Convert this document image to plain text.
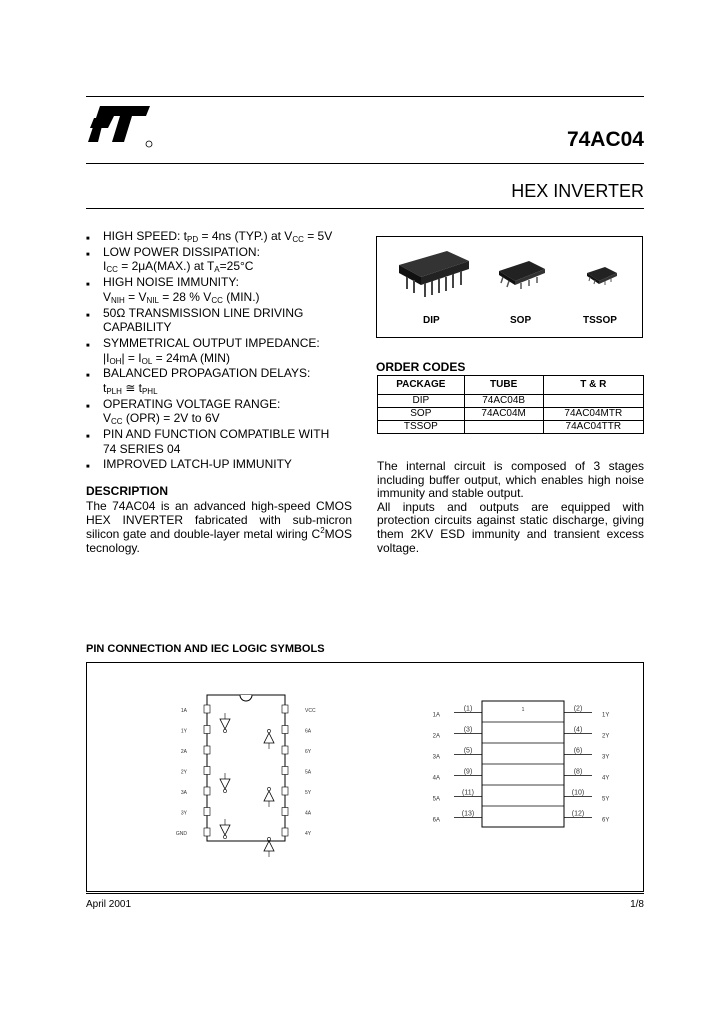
74AC04
HEX INVERTER
■ HIGH SPEED: $t_{PD} = 4ns$ (TYP.) at $V_{CC} = 5V$
■ LOW POWER DISSIPATION:
$I_{CC} = 2\mu A(MAX.)$ at $T_A=25^\circ C$
■ HIGH NOISE IMMUNITY:
$V_{NIH} = V_{NIL} = 28$ % $V_{CC}$ (MIN.)
■ 50Ω TRANSMISSION LINE DRIVING
CAPABILITY
■ SYMMETRICAL OUTPUT IMPEDANCE:
$|I_{OH}| = I_{OL} = 24mA$ (MIN)
■ BALANCED PROPAGATION DELAYS:
$t_{PLH}$ ≅ $t_{PHL}$
■ OPERATING VOLTAGE RANGE:
$V_{CC}$ (OPR) = 2V to 6V
■ PIN AND FUNCTION COMPATIBLE WITH
74 SERIES 04
■ IMPROVED LATCH-UP IMMUNITY
DESCRIPTION
The 74AC04 is an advanced high-speed CMOS HEX INVERTER fabricated with sub-micron silicon gate and double-layer metal wiring $C^2MOS$ tecnology.
DIP	SOP	TSSOP
ORDER CODES
PACKAGE	TUBE	T & R
DIP	74AC04B	
SOP	74AC04M	74AC04MTR
TSSOP		74AC04TTR
The internal circuit is composed of 3 stages including buffer output, which enables high noise immunity and stable output.
All inputs and outputs are equipped with protection circuits against static discharge, giving them 2KV ESD immunity and transient excess voltage.
PIN CONNECTION AND IEC LOGIC SYMBOLS
1A	VCC
1Y	6A
2A	6Y
2Y	5A
3A	5Y
3Y	4A
GND	4Y
1
1A
(1)	(2)
1Y
2A
(3)	(4)
2Y
3A
(5)	(6)
3Y
4A
(9)	(8)
4Y
5A
(11)	(10)
5Y
6A
(13)	(12)
6Y
April 2001	1/8
